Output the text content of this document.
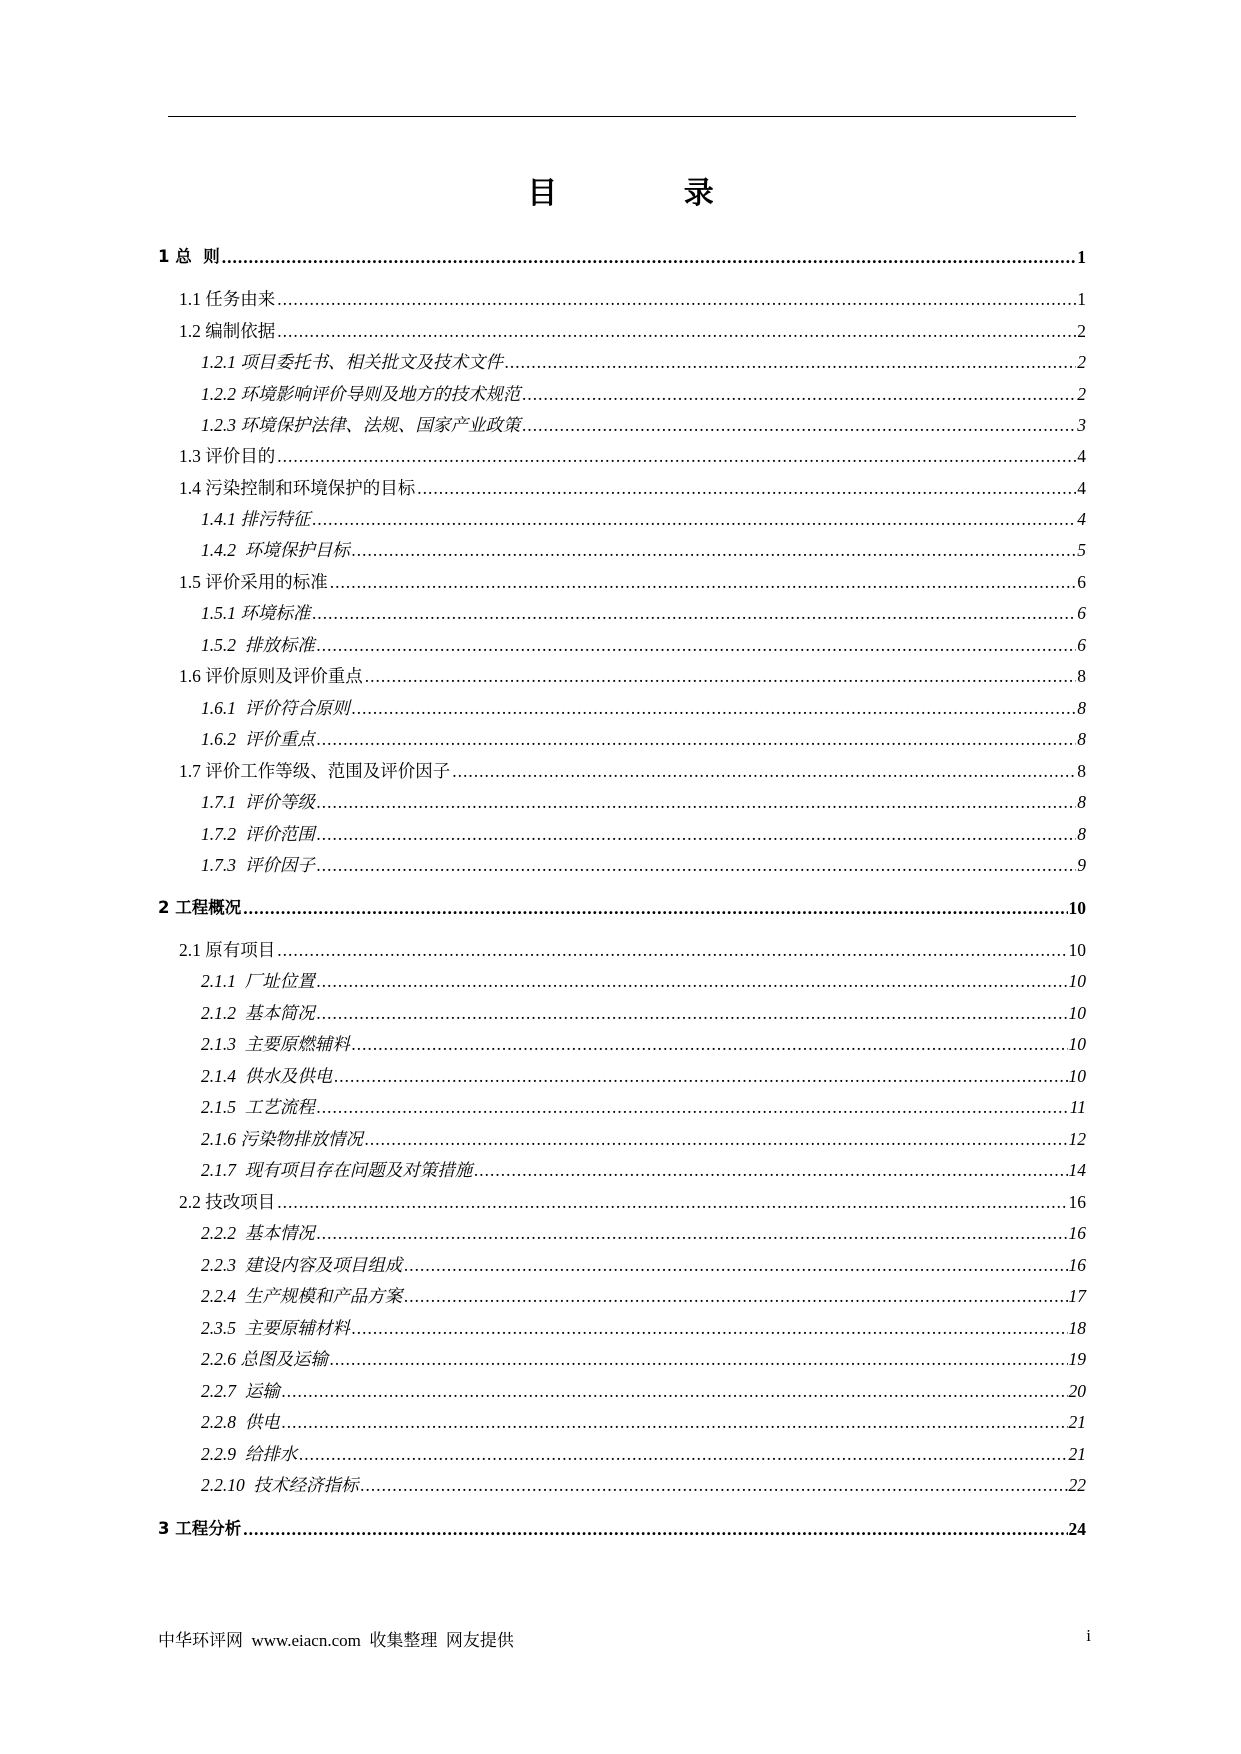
目 录
1 总  则 .....	1
1.1 任务由来 .....	1
1.2 编制依据 .....	2
1.2.1 项目委托书、相关批文及技术文件 .....	2
1.2.2 环境影响评价导则及地方的技术规范 .....	2
1.2.3 环境保护法律、法规、国家产业政策 .....	3
1.3 评价目的 .....	4
1.4 污染控制和环境保护的目标 .....	4
1.4.1 排污特征 .....	4
1.4.2  环境保护目标 .....	5
1.5 评价采用的标准 .....	6
1.5.1 环境标准 .....	6
1.5.2  排放标准 .....	6
1.6 评价原则及评价重点 .....	8
1.6.1  评价符合原则 .....	8
1.6.2  评价重点 .....	8
1.7 评价工作等级、范围及评价因子 .....	8
1.7.1  评价等级 .....	8
1.7.2  评价范围 .....	8
1.7.3  评价因子 .....	9
2 工程概况 .....	10
2.1 原有项目 .....	10
2.1.1  厂址位置 .....	10
2.1.2  基本简况 .....	10
2.1.3  主要原燃辅料 .....	10
2.1.4  供水及供电 .....	10
2.1.5  工艺流程 .....	11
2.1.6 污染物排放情况 .....	12
2.1.7  现有项目存在问题及对策措施 .....	14
2.2 技改项目 .....	16
2.2.2  基本情况 .....	16
2.2.3  建设内容及项目组成 .....	16
2.2.4  生产规模和产品方案 .....	17
2.3.5  主要原辅材料 .....	18
2.2.6 总图及运输 .....	19
2.2.7  运输 .....	20
2.2.8  供电 .....	21
2.2.9  给排水 .....	21
2.2.10  技术经济指标 .....	22
3 工程分析 .....	24
中华环评网  www.eiacn.com  收集整理  网友提供	i
